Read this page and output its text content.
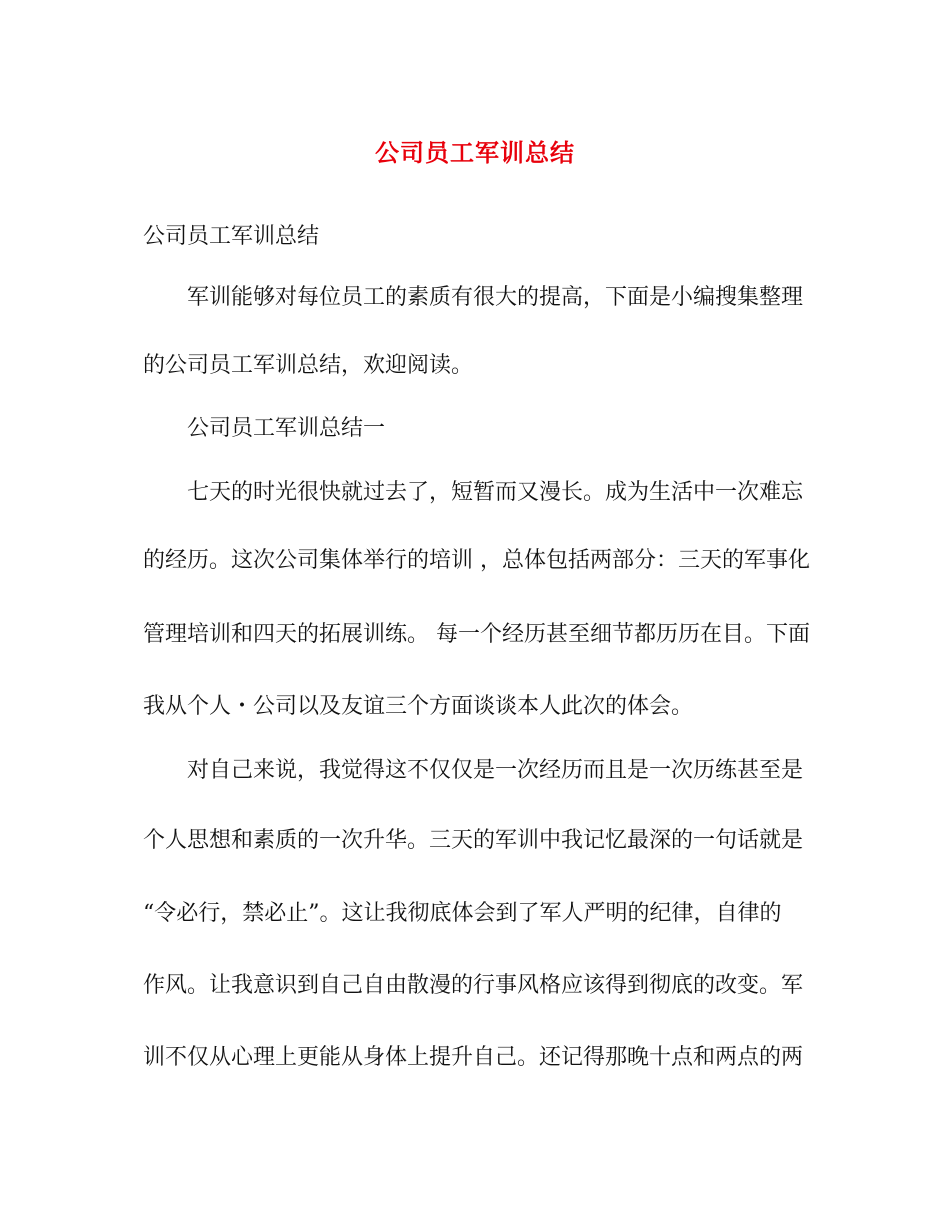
公司员工军训总结
公司员工军训总结
军训能够对每位员工的素质有很大的提高，下面是小编搜集整理
的公司员工军训总结，欢迎阅读。
公司员工军训总结一
七天的时光很快就过去了，短暂而又漫长。成为生活中一次难忘
的经历。这次公司集体举行的培训 ，总体包括两部分：三天的军事化
管理培训和四天的拓展训练。 每一个经历甚至细节都历历在目。下面
我从个人・公司以及友谊三个方面谈谈本人此次的体会。
对自己来说，我觉得这不仅仅是一次经历而且是一次历练甚至是
个人思想和素质的一次升华。三天的军训中我记忆最深的一句话就是
“令必行，禁必止”。这让我彻底体会到了军人严明的纪律，自律的
作风。让我意识到自己自由散漫的行事风格应该得到彻底的改变。军
训不仅从心理上更能从身体上提升自己。还记得那晚十点和两点的两
